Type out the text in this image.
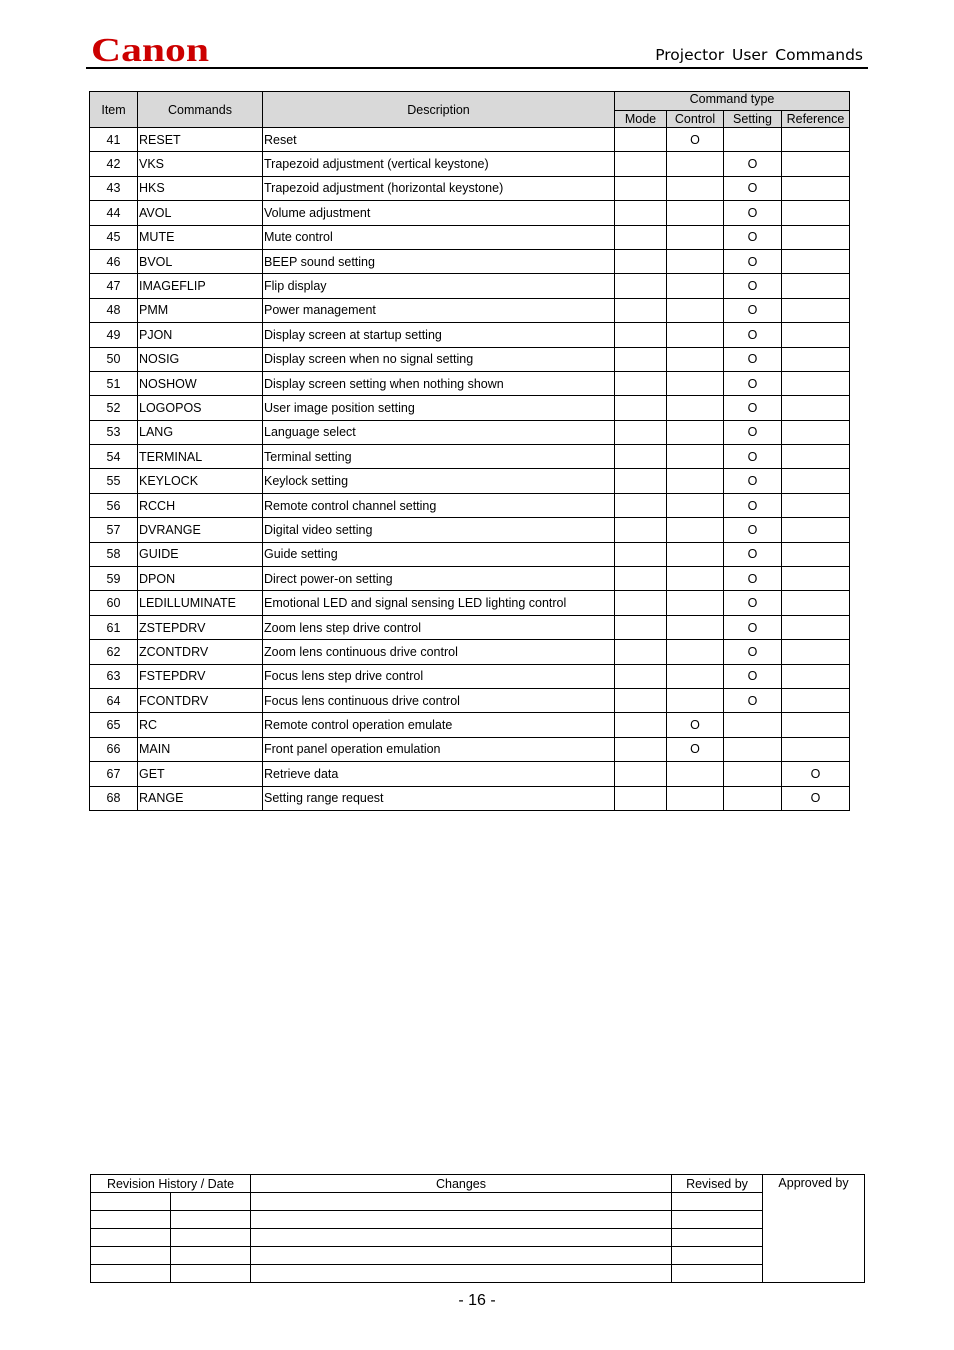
Canon	Projector User Commands
Item	Commands	Description	Command type			
			Mode	Control	Setting	Reference
41	RESET	Reset		O		
42	VKS	Trapezoid adjustment (vertical keystone)			O	
43	HKS	Trapezoid adjustment (horizontal keystone)			O	
44	AVOL	Volume adjustment			O	
45	MUTE	Mute control			O	
46	BVOL	BEEP sound setting			O	
47	IMAGEFLIP	Flip display			O	
48	PMM	Power management			O	
49	PJON	Display screen at startup setting			O	
50	NOSIG	Display screen when no signal setting			O	
51	NOSHOW	Display screen setting when nothing shown			O	
52	LOGOPOS	User image position setting			O	
53	LANG	Language select			O	
54	TERMINAL	Terminal setting			O	
55	KEYLOCK	Keylock setting			O	
56	RCCH	Remote control channel setting			O	
57	DVRANGE	Digital video setting			O	
58	GUIDE	Guide setting			O	
59	DPON	Direct power-on setting			O	
60	LEDILLUMINATE	Emotional LED and signal sensing LED lighting control			O	
61	ZSTEPDRV	Zoom lens step drive control			O	
62	ZCONTDRV	Zoom lens continuous drive control			O	
63	FSTEPDRV	Focus lens step drive control			O	
64	FCONTDRV	Focus lens continuous drive control			O	
65	RC	Remote control operation emulate		O		
66	MAIN	Front panel operation emulation		O		
67	GET	Retrieve data				O
68	RANGE	Setting range request				O
Revision History / Date		Changes	Revised by	Approved by

- 16 -
